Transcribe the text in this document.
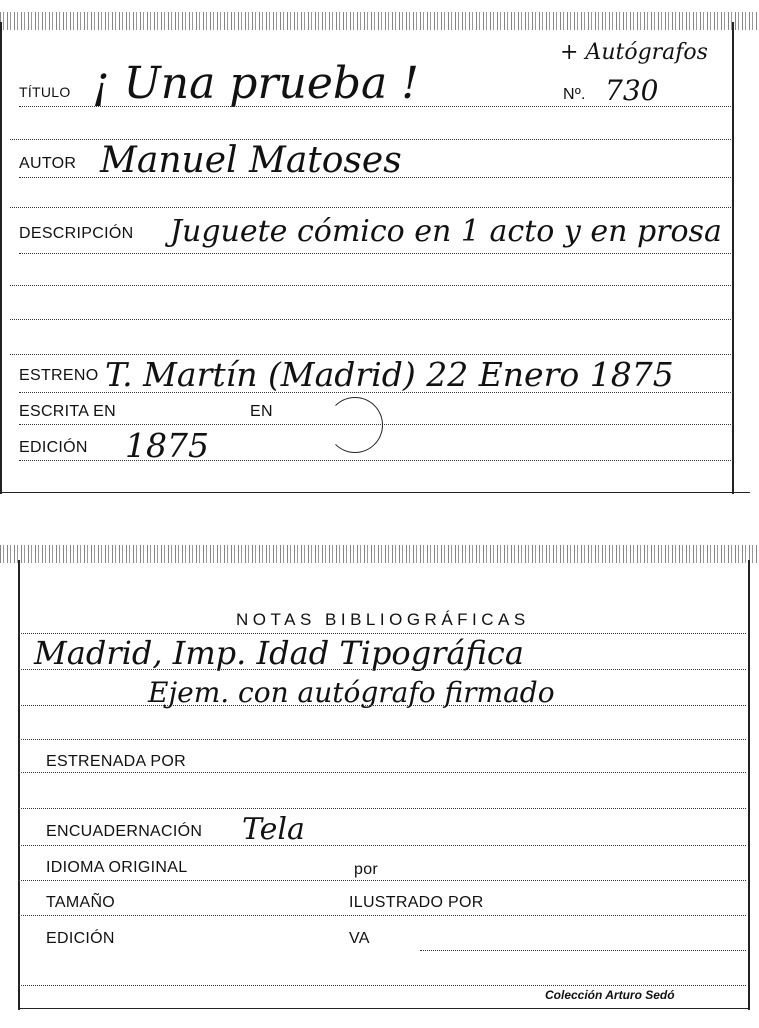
TÍTULO ¡ Una prueba !
+ Autógrafos
Nº. 730
AUTOR Manuel Matoses
DESCRIPCIÓN Juguete cómico en 1 acto y en prosa
ESTRENO T. Martín (Madrid) 22 Enero 1875
ESCRITA EN	EN
EDICIÓN 1875
NOTAS BIBLIOGRÁFICAS
Madrid, Imp. Idad Tipográfica
Ejem. con autógrafo firmado
ESTRENADA POR
ENCUADERNACIÓN Tela
IDIOMA ORIGINAL	por
TAMAÑO	ILUSTRADO POR
EDICIÓN	VA
Colección Arturo Sedó
